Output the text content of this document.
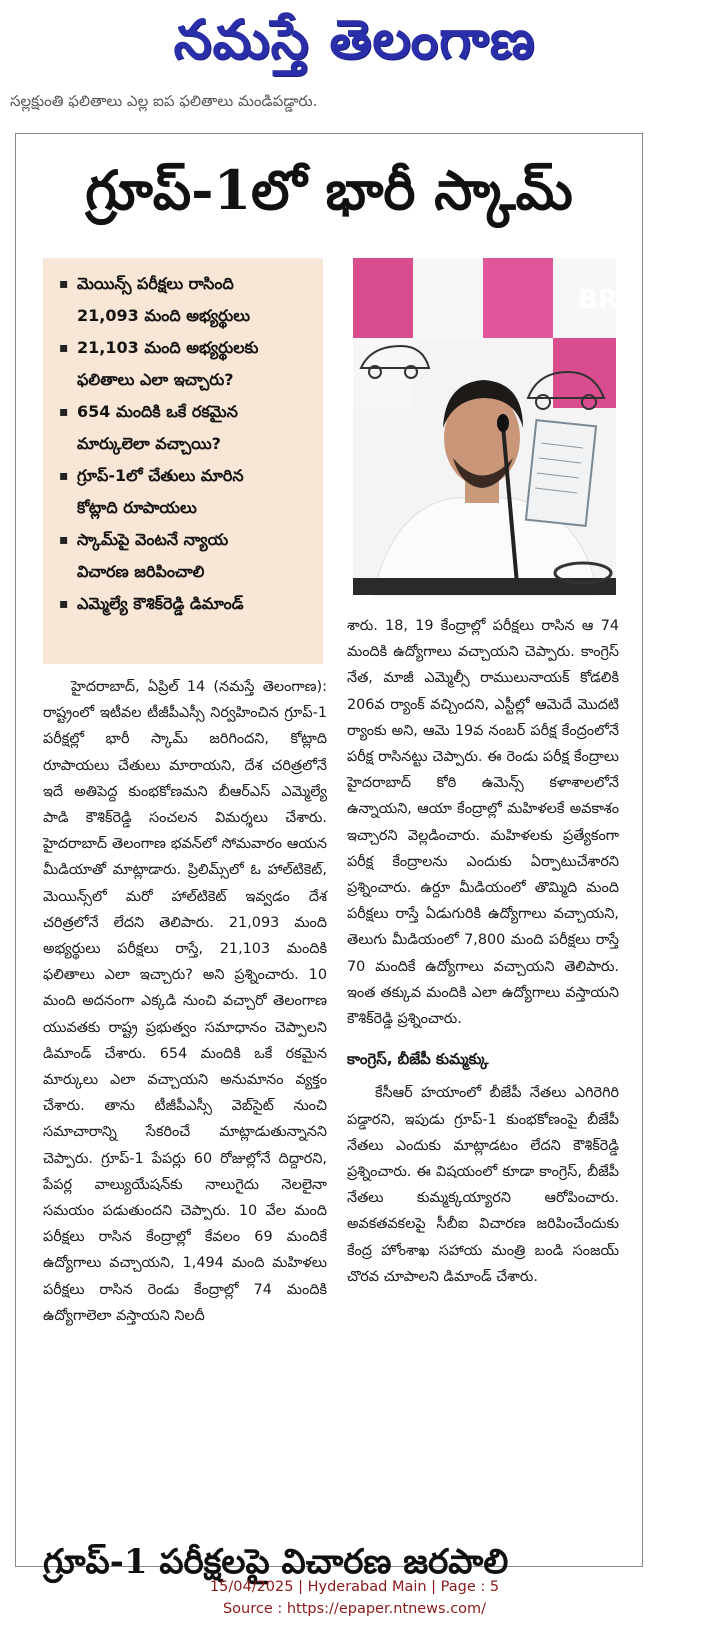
నమస్తే తెలంగాణ
సల్లక్షుంతి ఫలితాలు ఎల్ల ఐప ఫలితాలు మండిపడ్డారు.
గ్రూప్-1లో భారీ స్కామ్
▪ మెయిన్స్ పరీక్షలు రాసింది
21,093 మంది అభ్యర్థులు
▪ 21,103 మంది అభ్యర్థులకు
ఫలితాలు ఎలా ఇచ్చారు?
▪ 654 మందికి ఒకే రకమైన
మార్కులెలా వచ్చాయి?
▪ గ్రూప్-1లో చేతులు మారిన
కోట్లాది రూపాయలు
▪ స్కామ్‌పై వెంటనే న్యాయ
విచారణ జరిపించాలి
▪ ఎమ్మెల్యే కౌశిక్‌రెడ్డి డిమాండ్
BRS

హైదరాబాద్, ఏప్రిల్ 14 (నమస్తే తెలంగాణ): రాష్ట్రంలో ఇటీవల టీజీపీఎస్సీ నిర్వహించిన గ్రూప్-1 పరీక్షల్లో భారీ స్కామ్ జరిగిందని, కోట్లాది రూపాయలు చేతులు మారాయని, దేశ చరిత్రలోనే ఇదే అతిపెద్ద కుంభకోణమని బీఆర్ఎస్ ఎమ్మెల్యే పాడి కౌశిక్‌రెడ్డి సంచలన విమర్శలు చేశారు. హైదరాబాద్ తెలంగాణ భవన్‌లో సోమవారం ఆయన మీడియాతో మాట్లాడారు. ప్రిలిమ్స్‌లో ఓ హాల్‌టికెట్, మెయిన్స్‌లో మరో హాల్‌టికెట్ ఇవ్వడం దేశ చరిత్రలోనే లేదని తెలిపారు. 21,093 మంది అభ్యర్థులు పరీక్షలు రాస్తే, 21,103 మందికి ఫలితాలు ఎలా ఇచ్చారు? అని ప్రశ్నించారు. 10 మంది అదనంగా ఎక్కడి నుంచి వచ్చారో తెలంగాణ యువతకు రాష్ట్ర ప్రభుత్వం సమాధానం చెప్పాలని డిమాండ్ చేశారు. 654 మందికి ఒకే రకమైన మార్కులు ఎలా వచ్చాయని అనుమానం వ్యక్తం చేశారు. తాను టీజీపీఎస్సీ వెబ్‌సైట్ నుంచి సమాచారాన్ని సేకరించే మాట్లాడుతున్నానని చెప్పారు. గ్రూప్-1 పేపర్లు 60 రోజుల్లోనే దిద్దారని, పేపర్ల వాల్యుయేషన్‌కు నాలుగైదు నెలలైనా సమయం పడుతుందని చెప్పారు. 10 వేల మంది పరీక్షలు రాసిన కేంద్రాల్లో కేవలం 69 మందికే ఉద్యోగాలు వచ్చాయని, 1,494 మంది మహిళలు పరీక్షలు రాసిన రెండు కేంద్రాల్లో 74 మందికి ఉద్యోగాలెలా వస్తాయని నిలదీ

శారు. 18, 19 కేంద్రాల్లో పరీక్షలు రాసిన ఆ 74 మందికి ఉద్యోగాలు వచ్చాయని చెప్పారు. కాంగ్రెస్ నేత, మాజీ ఎమ్మెల్సీ రాములునాయక్ కోడలికి 206వ ర్యాంక్ వచ్చిందని, ఎస్టీల్లో ఆమెదే మొదటి ర్యాంకు అని, ఆమె 19వ నంబర్ పరీక్ష కేంద్రంలోనే పరీక్ష రాసినట్టు చెప్పారు. ఈ రెండు పరీక్ష కేంద్రాలు హైదరాబాద్ కోఠి ఉమెన్స్ కళాశాలలోనే ఉన్నాయని, ఆయా కేంద్రాల్లో మహిళలకే అవకాశం ఇచ్చారని వెల్లడించారు. మహిళలకు ప్రత్యేకంగా పరీక్ష కేంద్రాలను ఎందుకు ఏర్పాటుచేశారని ప్రశ్నించారు. ఉర్దూ మీడియంలో తొమ్మిది మంది పరీక్షలు రాస్తే ఏడుగురికి ఉద్యోగాలు వచ్చాయని, తెలుగు మీడియంలో 7,800 మంది పరీక్షలు రాస్తే 70 మందికే ఉద్యోగాలు వచ్చాయని తెలిపారు. ఇంత తక్కువ మందికి ఎలా ఉద్యోగాలు వస్తాయని కౌశిక్‌రెడ్డి ప్రశ్నించారు.

కాంగ్రెస్, బీజేపీ కుమ్మక్కు

కేసీఆర్ హయాంలో బీజేపీ నేతలు ఎగిరెగిరి పడ్డారని, ఇపుడు గ్రూప్-1 కుంభకోణంపై బీజేపీ నేతలు ఎందుకు మాట్లాడటం లేదని కౌశిక్‌రెడ్డి ప్రశ్నించారు. ఈ విషయంలో కూడా కాంగ్రెస్, బీజేపీ నేతలు కుమ్మక్కయ్యారని ఆరోపించారు. అవకతవకలపై సీబీఐ విచారణ జరిపించేందుకు కేంద్ర హోంశాఖ సహాయ మంత్రి బండి సంజయ్ చొరవ చూపాలని డిమాండ్ చేశారు.

గ్రూప్-1 పరీక్షలపై విచారణ జరపాలి
15/04/2025 | Hyderabad Main | Page : 5
Source : https://epaper.ntnews.com/
